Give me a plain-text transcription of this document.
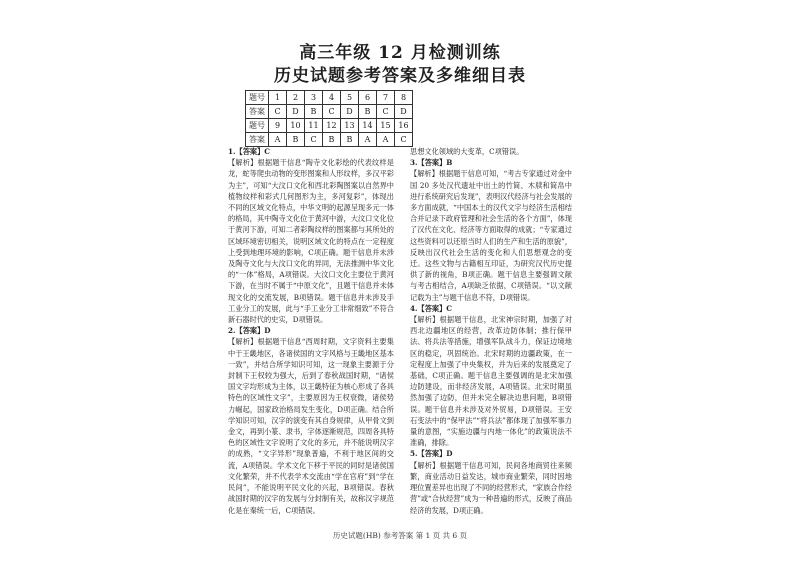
高三年级 12 月检测训练
历史试题参考答案及多维细目表
题号	1	2	3	4	5	6	7	8
答案	C	D	B	C	D	B	C	D
题号	9	10	11	12	13	14	15	16
答案	A	B	C	B	B	A	A	C

1.【答案】C

【解析】根据题干信息“陶寺文化彩绘的代表纹样是龙，蛇等爬虫动物的变形图案和人形纹样，多汉平彩为主”，可知“大汶口文化和西北彩陶图案以自然界中植物纹样和彩式几何图形为主，多河复彩”，体现出不同的区域文化特点，中华文明的起源呈现多元一体的格局，其中陶寺文化位于黄河中游，大汶口文化位于黄河下游，可知二者彩陶纹样的图案都与其所处的区域环境密切相关，说明区域文化的特点在一定程度上受到地理环境的影响，C项正确。题干信息并未涉及陶寺文化与大汶口文化的异同，无法推测中华文化的“一体”格局，A项错误。大汶口文化主要位于黄河下游，在当时不属于“中原文化”，且题干信息并未体现文化的交流发展，B项错误。题干信息并未涉及手工业分工的发展，此与“手工业分工非常细致”不符合新石器时代的史实，D项错误。

2.【答案】D

【解析】根据题干信息“西周时期，文字资料主要集中于王畿地区，各诸侯国的文字风格与王畿地区基本一致”，并结合所学知识可知，这一现象主要源于分封制下王权较为强大，后到了春秋战国时期，“诸侯国文字均形成为主体，以王畿特征为核心形成了各具特色的区域性文字”，主要原因为王权衰微，诸侯势力崛起，国家政治格局发生变化，D项正确。结合所学知识可知，汉字的演变有其自身规律，从甲骨文到金文，再到小篆、隶书，字体逐渐规范，四周各具特色的区域性文字说明了文化的多元，并不能说明汉字的成熟，“文字异形”现象普遍，不利于地区间的交流，A项错误。学术文化下移于平民的同时是诸侯国文化繁荣，并不代表学术交流由“学在官府”到“学在民间”，不能说明平民文化的兴起，B项错误。春秋战国时期的汉字的发展与分封制有关，故称汉字规范化是在秦统一后，C项错误。

思想文化领域的大变革，C项错误。

3.【答案】B

【解析】根据题干信息可知，“考古专家通过对金中国 20 多处汉代遗址中出土的竹简、木牍和简帛中进行系统研究后发现”，表明汉代经济与社会发展的多方面成就，“中国本土的汉代文字与经济生活相结合并记录下政府管理和社会生活的各个方面”，体现了汉代在文化、经济等方面取得的成就；“专家通过这些资料可以还原当时人们的生产和生活的原貌”，反映出汉代社会生活的变化和人们思想观念的变迁。这些文物与古籍相互印证，为研究汉代历史提供了新的视角，B项正确。题干信息主要强调文献与考古相结合，A项缺乏依据，C项错误。“以文献记载为主”与题干信息不符，D项错误。

4.【答案】C

【解析】根据题干信息，北宋神宗时期，加强了对西北边疆地区的经营，改革边防体制；推行保甲法、将兵法等措施，增强军队战斗力，保证边境地区的稳定，巩固统治。北宋时期的边疆政策，在一定程度上加强了中央集权，并为后来的发展奠定了基础，C项正确。题干信息主要强调的是北宋加强边防建设，而非经济发展，A项错误。北宋时期虽然加强了边防，但并未完全解决边患问题，B项错误。题干信息并未涉及对外贸易，D项错误。王安石变法中的“保甲法”“将兵法”都体现了加强军事力量的意图，“实施边疆与内地一体化”的政策说法不准确，排除。

5.【答案】D

【解析】根据题干信息可知，民间各地商贸往来频繁，商业活动日益发达，城市商业繁荣，同时因地理位置差异也出现了不同的经营形式，“家族合作经营”或“合伙经营”成为一种普遍的形式，反映了商品经济的发展，D项正确。

历史试题(HB) 参考答案 第 1 页 共 6 页
